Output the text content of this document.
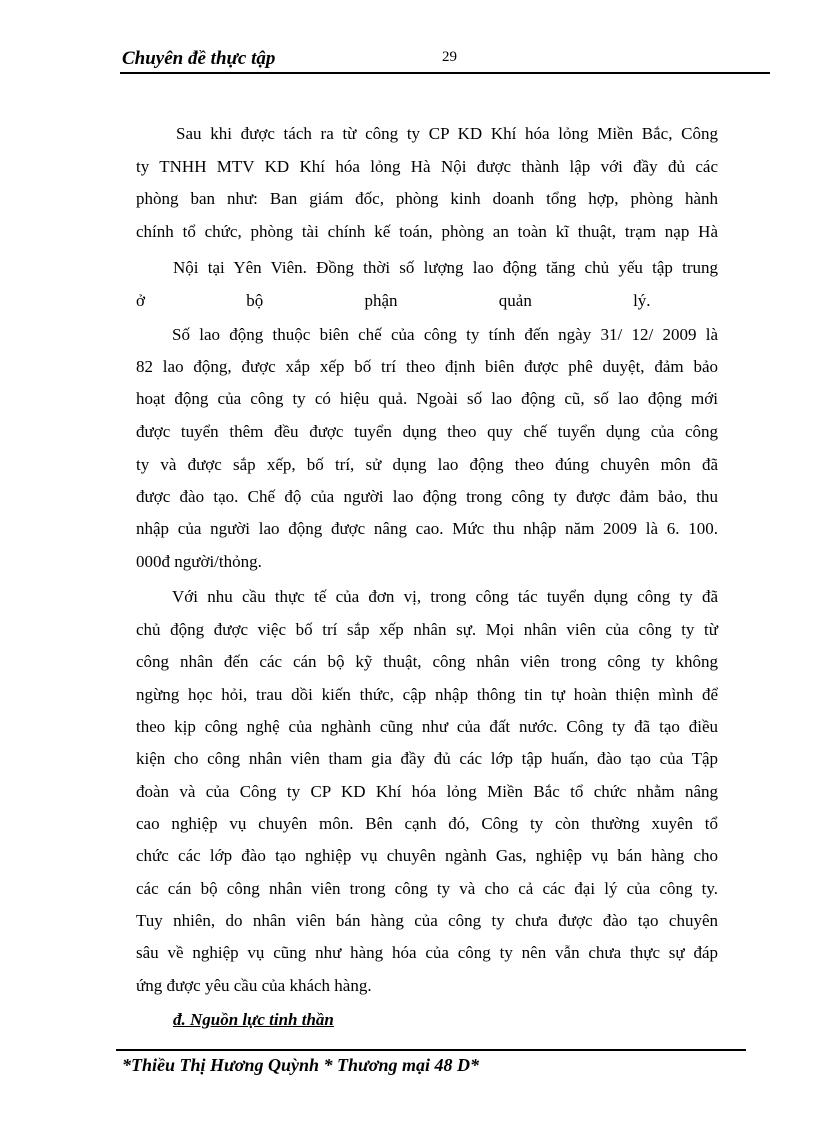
Chuyên đề thực tập	29
Sau khi được tách ra từ công ty CP KD Khí hóa lỏng Miền Bắc, Công
ty TNHH MTV KD Khí hóa lỏng Hà Nội được thành lập với đầy đủ các
phòng ban như: Ban giám đốc, phòng kinh doanh tổng hợp, phòng hành
chính tổ chức, phòng tài chính kế toán, phòng an toàn kĩ thuật, trạm nạp Hà
Nội tại Yên Viên. Đồng thời số lượng lao động tăng chủ yếu tập trung
ở bộ phận quản lý.
Số lao động thuộc biên chế của công ty tính đến ngày 31/ 12/ 2009 là
82 lao động, được xắp xếp bố trí theo định biên được phê duyệt, đảm bảo
hoạt động của công ty có hiệu quả. Ngoài số lao động cũ, số lao động mới
được tuyển thêm đều được tuyển dụng theo quy chế tuyển dụng của công
ty và được sắp xếp, bố trí, sử dụng lao động theo đúng chuyên môn đã
được đào tạo. Chế độ của người lao động trong công ty được đảm bảo, thu
nhập của người lao động được nâng cao. Mức thu nhập năm 2009 là 6. 100.
000đ người/thỏng.
Với nhu cầu thực tế của đơn vị, trong công tác tuyển dụng công ty đã
chủ động được việc bố trí sắp xếp nhân sự. Mọi nhân viên của công ty từ
công nhân đến các cán bộ kỹ thuật, công nhân viên trong công ty không
ngừng học hỏi, trau dồi kiến thức, cập nhập thông tin tự hoàn thiện mình để
theo kịp công nghệ của nghành cũng như của đất nước. Công ty đã tạo điều
kiện cho công nhân viên tham gia đầy đủ các lớp tập huấn, đào tạo của Tập
đoàn và của Công ty CP KD Khí hóa lỏng Miền Bắc tổ chức nhằm nâng
cao nghiệp vụ chuyên môn. Bên cạnh đó, Công ty còn thường xuyên tổ
chức các lớp đào tạo nghiệp vụ chuyên ngành Gas, nghiệp vụ bán hàng cho
các cán bộ công nhân viên trong công ty và cho cả các đại lý của công ty.
Tuy nhiên, do nhân viên bán hàng của công ty chưa được đào tạo chuyên
sâu về nghiệp vụ cũng như hàng hóa của công ty nên vẫn chưa thực sự đáp
ứng được yêu cầu của khách hàng.
đ. Nguồn lực tinh thần
*Thiều Thị Hương Quỳnh * Thương mại 48 D*
